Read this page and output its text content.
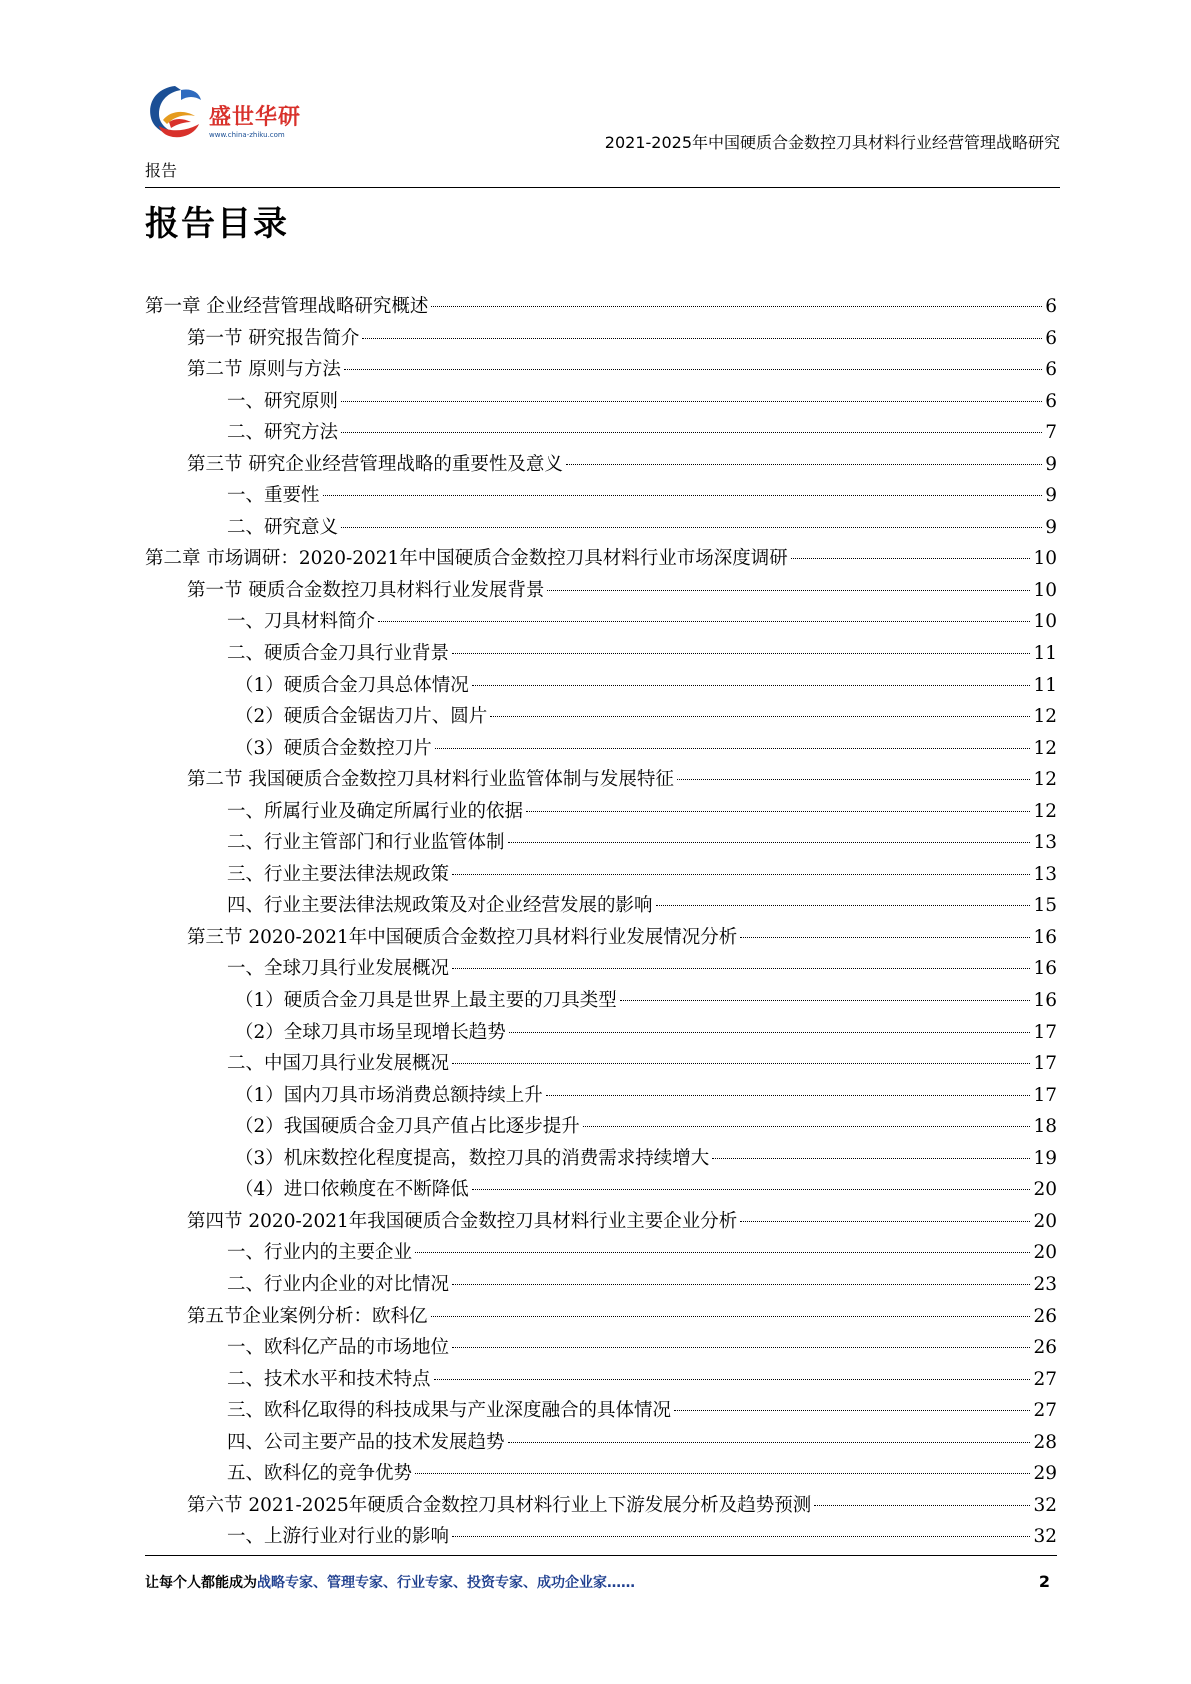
盛世华研
www.china-zhiku.com	2021-2025年中国硬质合金数控刀具材料行业经营管理战略研究
报告
报告目录
第一章 企业经营管理战略研究概述	6
第一节 研究报告简介	6
第二节 原则与方法	6
一、研究原则	6
二、研究方法	7
第三节 研究企业经营管理战略的重要性及意义	9
一、重要性	9
二、研究意义	9
第二章 市场调研：2020-2021年中国硬质合金数控刀具材料行业市场深度调研	10
第一节 硬质合金数控刀具材料行业发展背景	10
一、刀具材料简介	10
二、硬质合金刀具行业背景	11
（1）硬质合金刀具总体情况	11
（2）硬质合金锯齿刀片、圆片	12
（3）硬质合金数控刀片	12
第二节 我国硬质合金数控刀具材料行业监管体制与发展特征	12
一、所属行业及确定所属行业的依据	12
二、行业主管部门和行业监管体制	13
三、行业主要法律法规政策	13
四、行业主要法律法规政策及对企业经营发展的影响	15
第三节 2020-2021年中国硬质合金数控刀具材料行业发展情况分析	16
一、全球刀具行业发展概况	16
（1）硬质合金刀具是世界上最主要的刀具类型	16
（2）全球刀具市场呈现增长趋势	17
二、中国刀具行业发展概况	17
（1）国内刀具市场消费总额持续上升	17
（2）我国硬质合金刀具产值占比逐步提升	18
（3）机床数控化程度提高，数控刀具的消费需求持续增大	19
（4）进口依赖度在不断降低	20
第四节 2020-2021年我国硬质合金数控刀具材料行业主要企业分析	20
一、行业内的主要企业	20
二、行业内企业的对比情况	23
第五节企业案例分析：欧科亿	26
一、欧科亿产品的市场地位	26
二、技术水平和技术特点	27
三、欧科亿取得的科技成果与产业深度融合的具体情况	27
四、公司主要产品的技术发展趋势	28
五、欧科亿的竞争优势	29
第六节 2021-2025年硬质合金数控刀具材料行业上下游发展分析及趋势预测	32
一、上游行业对行业的影响	32
让每个人都能成为战略专家、管理专家、行业专家、投资专家、成功企业家……	2
